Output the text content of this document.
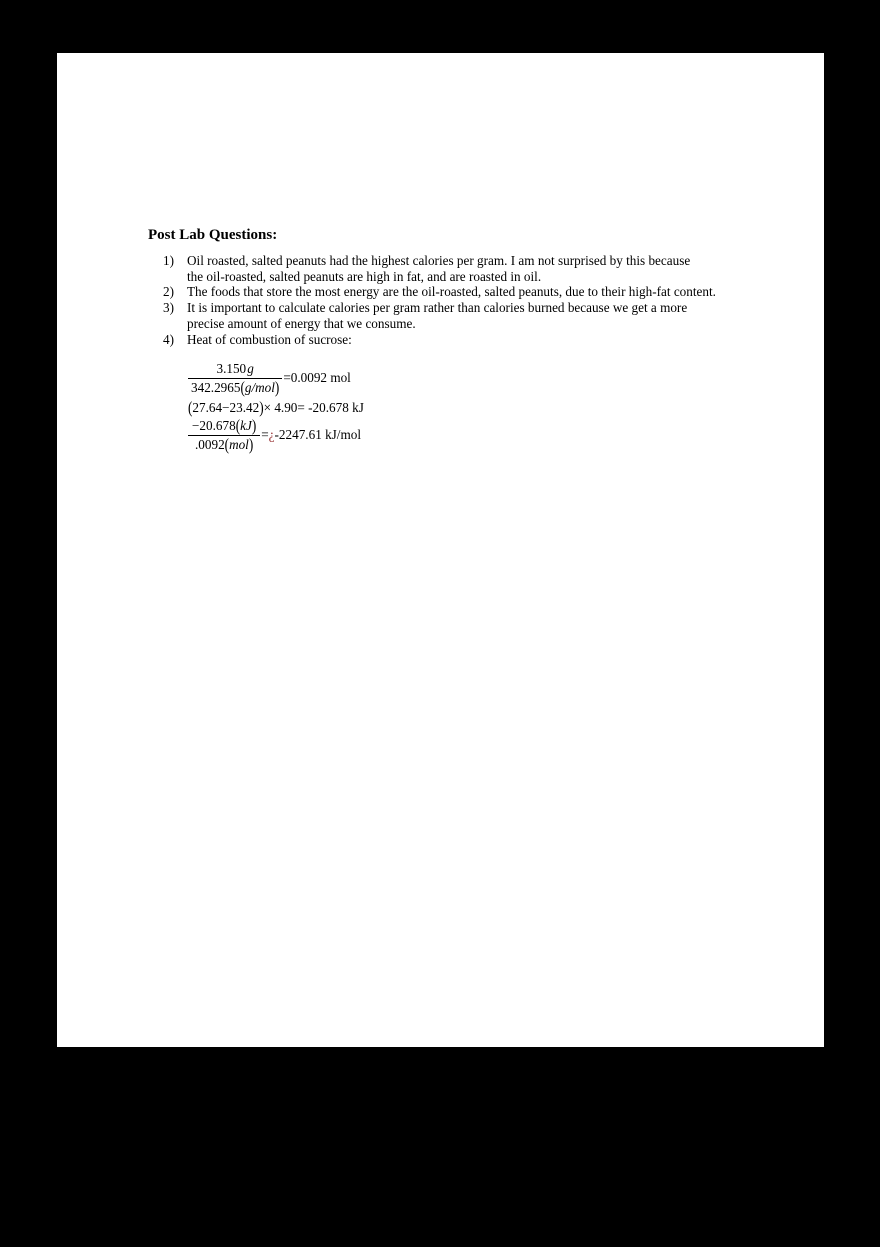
Post Lab Questions:
1) Oil roasted, salted peanuts had the highest calories per gram. I am not surprised by this because the oil-roasted, salted peanuts are high in fat, and are roasted in oil.
2) The foods that store the most energy are the oil-roasted, salted peanuts, due to their high-fat content.
3) It is important to calculate calories per gram rather than calories burned because we get a more precise amount of energy that we consume.
4) Heat of combustion of sucrose:
$\frac{3.150 g}{\text{342.2965(g/mol)}} =0.0092$ mol
(27.64−23.42)× 4.90= -20.678 kJ
$\frac{-20.678(kJ)}{\text{.0092(mol)}}$ =¿-2247.61 kJ/mol
